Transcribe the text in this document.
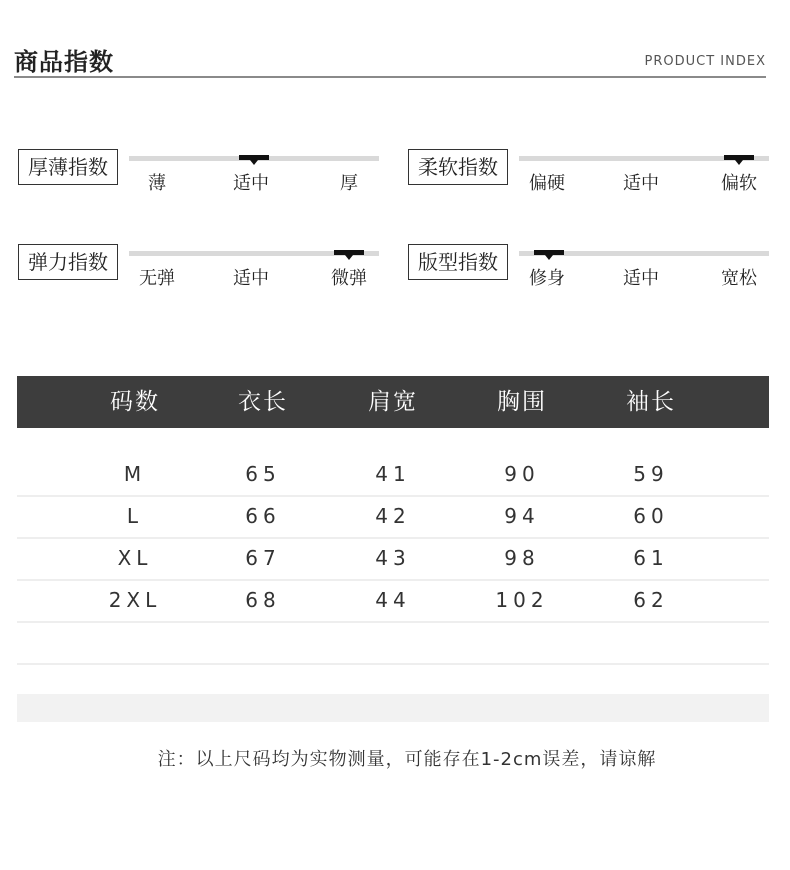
商品指数	PRODUCT INDEX
厚薄指数
薄	适中	厚
柔软指数
偏硬	适中	偏软
弹力指数
无弹	适中	微弹
版型指数
修身	适中	宽松
码数	衣长	肩宽	胸围	袖长
M	65	41	90	59
L	66	42	94	60
XL	67	43	98	61
2XL	68	44	102	62
注：以上尺码均为实物测量，可能存在1-2cm误差，请谅解
